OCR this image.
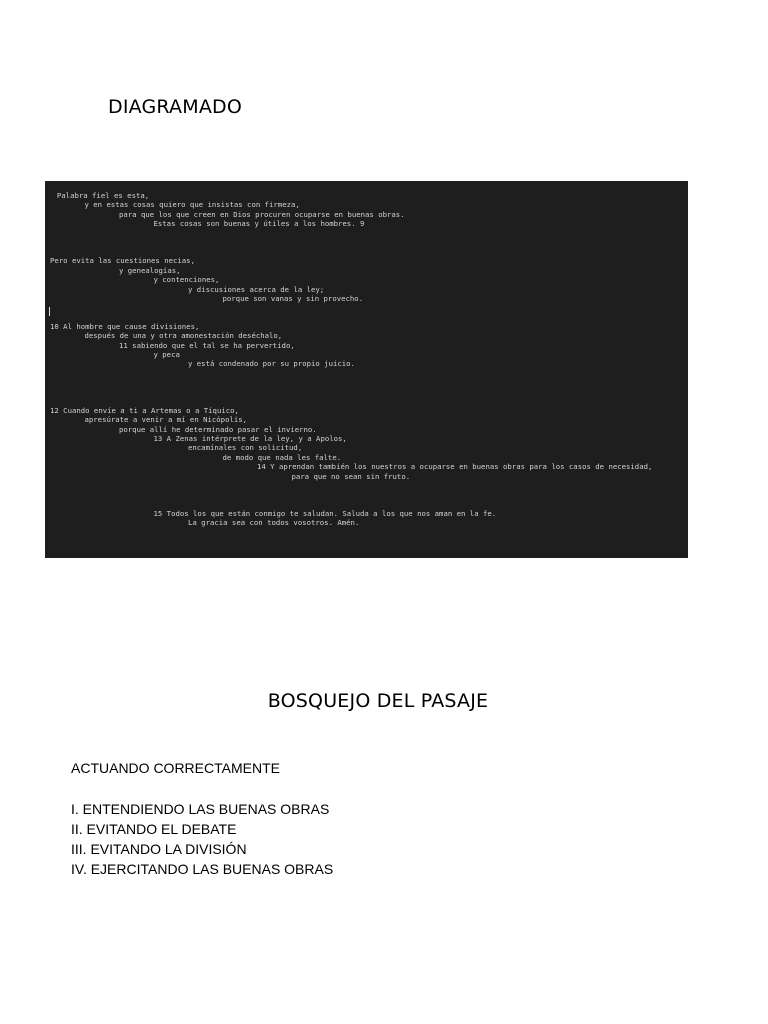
DIAGRAMADO
Palabra fiel es esta,
y en estas cosas quiero que insistas con firmeza,
para que los que creen en Dios procuren ocuparse en buenas obras.
Estas cosas son buenas y útiles a los hombres. 9
Pero evita las cuestiones necias,
y genealogías,
y contenciones,
y discusiones acerca de la ley;
porque son vanas y sin provecho.
10 Al hombre que cause divisiones,
después de una y otra amonestación deséchalo,
11 sabiendo que el tal se ha pervertido,
y peca
y está condenado por su propio juicio.
12 Cuando envíe a ti a Artemas o a Tíquico,
apresúrate a venir a mí en Nicópolis,
porque allí he determinado pasar el invierno.
13 A Zenas intérprete de la ley, y a Apolos,
encamínales con solicitud,
de modo que nada les falte.
14 Y aprendan también los nuestros a ocuparse en buenas obras para los casos de necesidad,
para que no sean sin fruto.
15 Todos los que están conmigo te saludan. Saluda a los que nos aman en la fe.
La gracia sea con todos vosotros. Amén.
BOSQUEJO DEL PASAJE

ACTUANDO CORRECTAMENTE

I. ENTENDIENDO LAS BUENAS OBRAS

II. EVITANDO EL DEBATE

III. EVITANDO LA DIVISIÓN

IV. EJERCITANDO LAS BUENAS OBRAS
